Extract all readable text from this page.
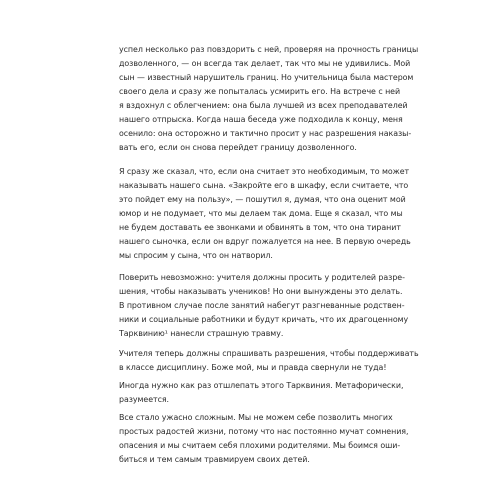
успел несколько раз повздорить с ней, проверяя на прочность границы
дозволенного, — он всегда так делает, так что мы не удивились. Мой
сын — известный нарушитель границ. Но учительница была мастером
своего дела и сразу же попыталась усмирить его. На встрече с ней
я вздохнул с облегчением: она была лучшей из всех преподавателей
нашего отпрыска. Когда наша беседа уже подходила к концу, меня
осенило: она осторожно и тактично просит у нас разрешения наказы-
вать его, если он снова перейдет границу дозволенного.

Я сразу же сказал, что, если она считает это необходимым, то может
наказывать нашего сына. «Закройте его в шкафу, если считаете, что
это пойдет ему на пользу», — пошутил я, думая, что она оценит мой
юмор и не подумает, что мы делаем так дома. Еще я сказал, что мы
не будем доставать ее звонками и обвинять в том, что она тиранит
нашего сыночка, если он вдруг пожалуется на нее. В первую очередь
мы спросим у сына, что он натворил.

Поверить невозможно: учителя должны просить у родителей разре-
шения, чтобы наказывать учеников! Но они вынуждены это делать.
В противном случае после занятий набегут разгневанные родствен-
ники и социальные работники и будут кричать, что их драгоценному
Тарквинию¹ нанесли страшную травму.

Учителя теперь должны спрашивать разрешения, чтобы поддерживать
в классе дисциплину. Боже мой, мы и правда свернули не туда!

Иногда нужно как раз отшлепать этого Тарквиния. Метафорически,
разумеется.

Все стало ужасно сложным. Мы не можем себе позволить многих
простых радостей жизни, потому что нас постоянно мучат сомнения,
опасения и мы считаем себя плохими родителями. Мы боимся оши-
биться и тем самым травмируем своих детей.
